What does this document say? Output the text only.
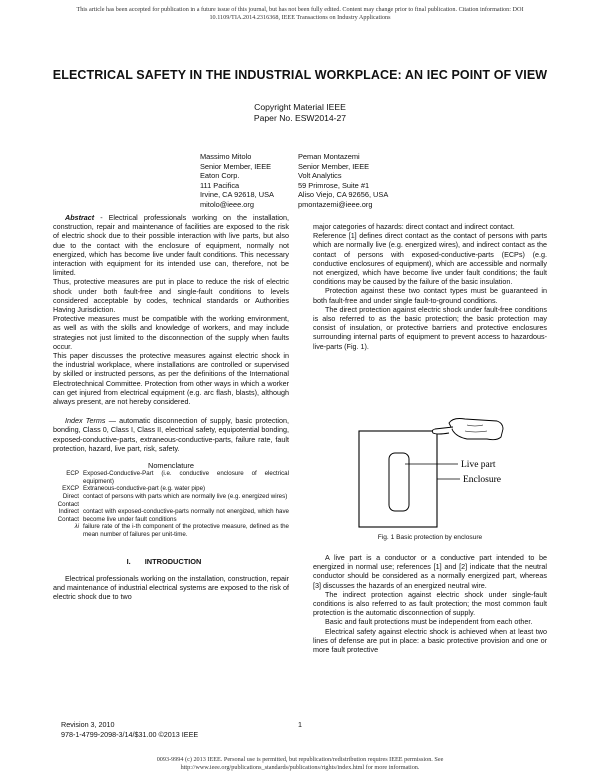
This article has been accepted for publication in a future issue of this journal, but has not been fully edited. Content may change prior to final publication. Citation information: DOI
10.1109/TIA.2014.2316368, IEEE Transactions on Industry Applications
ELECTRICAL SAFETY IN THE INDUSTRIAL WORKPLACE: AN IEC POINT OF VIEW
Copyright Material IEEE
Paper No. ESW2014-27
Massimo Mitolo
Senior Member, IEEE
Eaton Corp.
111 Pacifica
Irvine, CA 92618, USA
mitolo@ieee.org
Peman Montazemi
Senior Member, IEEE
Volt Analytics
59 Primrose, Suite #1
Aliso Viejo, CA 92656, USA
pmontazemi@ieee.org

Abstract - Electrical professionals working on the installation, construction, repair and maintenance of facilities are exposed to the risk of electric shock due to their possible interaction with live parts, but also due to the contact with the enclosure of equipment, normally not energized, which has become live under fault conditions. This necessary interaction with equipment for its intended use can, therefore, not be limited.

Thus, protective measures are put in place to reduce the risk of electric shock under both fault-free and single-fault conditions to levels considered acceptable by codes, technical standards or Authorities Having Jurisdiction.

Protective measures must be compatible with the working environment, as well as with the skills and knowledge of workers, and may include strategies not just limited to the disconnection of the supply when faults occur.

This paper discusses the protective measures against electric shock in the industrial workplace, where installations are controlled or supervised by skilled or instructed persons, as per the definitions of the International Electrotechnical Committee. Protection from other ways in which a worker can get injured from electrical equipment (e.g. arc flash, blasts), although always present, are not hereby considered.

Index Terms — automatic disconnection of supply, basic protection, bonding, Class 0, Class I, Class II, electrical safety, equipotential bonding, exposed-conductive-parts, extraneous-conductive-parts, failure rate, fault protection, hazard, live part, risk, safety.

Nomenclature
ECP Exposed-Conductive-Part (i.e. conductive enclosure of electrical equipment)
EXCP Extraneous-conductive-part (e.g. water pipe)
Direct Contact
contact of persons with parts which are normally live (e.g. energized wires)
Indirect Contact
contact with exposed-conductive-parts normally not energized, which have become live under fault conditions
λi failure rate of the i-th component of the protective measure, defined as the mean number of failures per unit-time.
I. INTRODUCTION

Electrical professionals working on the installation, construction, repair and maintenance of industrial electrical systems are exposed to the risk of electric shock due to two

major categories of hazards: direct contact and indirect contact.

Reference [1] defines direct contact as the contact of persons with parts which are normally live (e.g. energized wires), and indirect contact as the contact of persons with exposed-conductive-parts (ECPs) (e.g. conductive enclosures of equipment), which are accessible and normally not energized, which have become live under fault conditions; the fault conditions may be caused by the failure of the basic insulation.

Protection against these two contact types must be guaranteed in both fault-free and under single fault-to-ground conditions.

The direct protection against electric shock under fault-free conditions is also referred to as the basic protection; the basic protection may consist of insulation, or protective barriers and protective enclosures surrounding internal parts of equipment to prevent access to hazardous-live-parts (Fig. 1).

Live part
Enclosure
Fig. 1 Basic protection by enclosure

A live part is a conductor or a conductive part intended to be energized in normal use; references [1] and [2] indicate that the neutral conductor should be considered as a normally energized part, whereas [3] discusses the hazards of an energized neutral wire.

The indirect protection against electric shock under single-fault conditions is also referred to as fault protection; the most common fault protection is the automatic disconnection of supply.

Basic and fault protections must be independent from each other.

Electrical safety against electric shock is achieved when at least two lines of defense are put in place: a basic protective provision and one or more fault protective

Revision 3, 2010
978-1-4799-2098-3/14/$31.00 ©2013 IEEE
1
0093-9994 (c) 2013 IEEE. Personal use is permitted, but republication/redistribution requires IEEE permission. See
http://www.ieee.org/publications_standards/publications/rights/index.html for more information.
